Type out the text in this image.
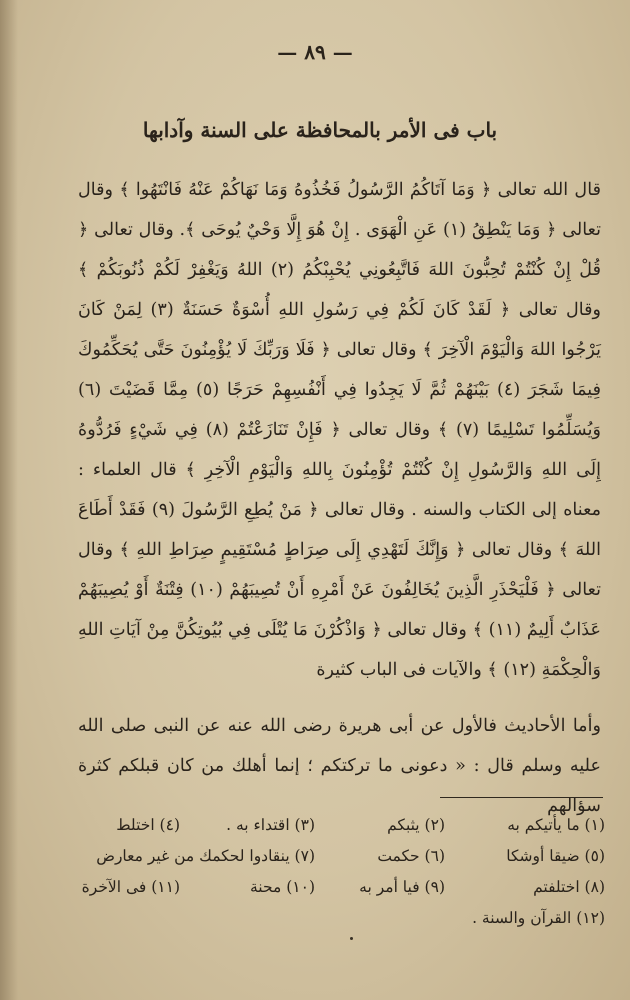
— ٨٩ —
باب فى الأمر بالمحافظة على السنة وآدابها

قال الله تعالى ﴿ وَمَا آتَاكُمُ الرَّسُولُ فَخُذُوهُ وَمَا نَهَاكُمْ عَنْهُ فَانْتَهُوا ﴾ وقال تعالى ﴿ وَمَا يَنْطِقُ (١) عَنِ الْهَوَى . إِنْ هُوَ إِلَّا وَحْيٌ يُوحَى ﴾. وقال تعالى ﴿ قُلْ إِنْ كُنْتُمْ تُحِبُّونَ اللهَ فَاتَّبِعُونِي يُحْبِبْكُمُ (٢) اللهُ وَيَغْفِرْ لَكُمْ ذُنُوبَكُمْ ﴾ وقال تعالى ﴿ لَقَدْ كَانَ لَكُمْ فِي رَسُولِ اللهِ أُسْوَةٌ حَسَنَةٌ (٣) لِمَنْ كَانَ يَرْجُوا اللهَ وَالْيَوْمَ الْآخِرَ ﴾ وقال تعالى ﴿ فَلَا وَرَبِّكَ لَا يُؤْمِنُونَ حَتَّى يُحَكِّمُوكَ فِيمَا شَجَرَ (٤) بَيْنَهُمْ ثُمَّ لَا يَجِدُوا فِي أَنْفُسِهِمْ حَرَجًا (٥) مِمَّا قَضَيْتَ (٦) وَيُسَلِّمُوا تَسْلِيمًا (٧) ﴾ وقال تعالى ﴿ فَإِنْ تَنَازَعْتُمْ (٨) فِي شَيْءٍ فَرُدُّوهُ إِلَى اللهِ وَالرَّسُولِ إِنْ كُنْتُمْ تُؤْمِنُونَ بِاللهِ وَالْيَوْمِ الْآخِرِ ﴾ قال العلماء : معناه إلى الكتاب والسنه . وقال تعالى ﴿ مَنْ يُطِعِ الرَّسُولَ (٩) فَقَدْ أَطَاعَ اللهَ ﴾ وقال تعالى ﴿ وَإِنَّكَ لَتَهْدِي إِلَى صِرَاطٍ مُسْتَقِيمٍ صِرَاطِ اللهِ ﴾ وقال تعالى ﴿ فَلْيَحْذَرِ الَّذِينَ يُخَالِفُونَ عَنْ أَمْرِهِ أَنْ تُصِيبَهُمْ (١٠) فِتْنَةٌ أَوْ يُصِيبَهُمْ عَذَابٌ أَلِيمٌ (١١) ﴾ وقال تعالى ﴿ وَاذْكُرْنَ مَا يُتْلَى فِي بُيُوتِكُنَّ مِنْ آيَاتِ اللهِ وَالْحِكْمَةِ (١٢) ﴾ والآيات فى الباب كثيرة

وأما الأحاديث فالأول عن أبى هريرة رضى الله عنه عن النبى صلى الله عليه وسلم قال : « دعونى ما تركتكم ؛ إنما أهلك من كان قبلكم كثرة سؤالهم

(١) ما يأتيكم به
(٢) يثبكم
(٣) اقتداء به .
(٤) اختلط
(٥) ضيقا أوشكا
(٦) حكمت
(٧) ينقادوا لحكمك من غير معارض
(٨) اختلفتم
(٩) فيا أمر به
(١٠) محنة
(١١) فى الآخرة
(١٢) القرآن والسنة .
